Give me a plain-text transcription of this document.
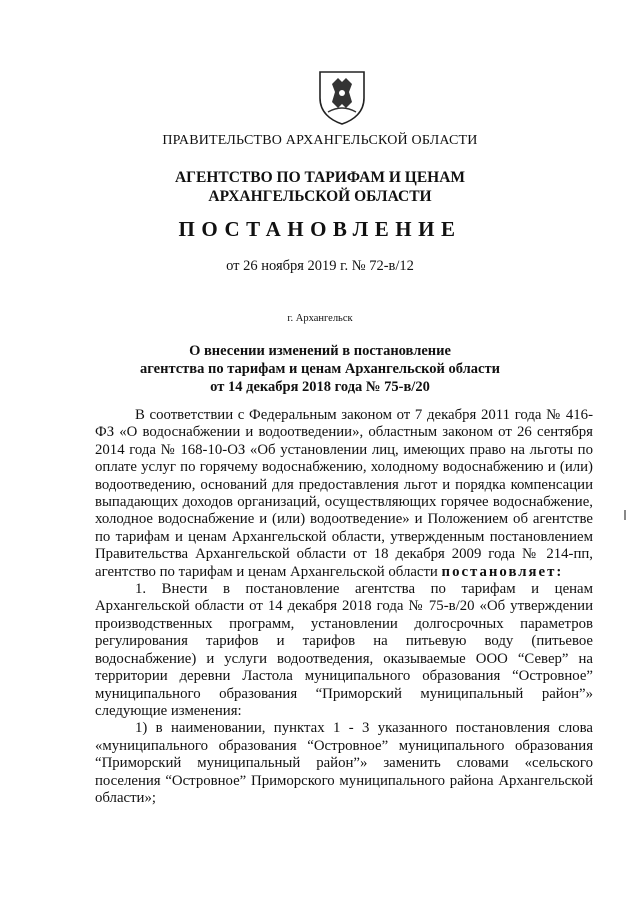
ПРАВИТЕЛЬСТВО АРХАНГЕЛЬСКОЙ ОБЛАСТИ
АГЕНТСТВО ПО ТАРИФАМ И ЦЕНАМ
АРХАНГЕЛЬСКОЙ ОБЛАСТИ
ПОСТАНОВЛЕНИЕ
от 26 ноября 2019 г. № 72-в/12
г. Архангельск
О внесении изменений в постановление
агентства по тарифам и ценам Архангельской области
от 14 декабря 2018 года № 75-в/20

В соответствии с Федеральным законом от 7 декабря 2011 года № 416-ФЗ «О водоснабжении и водоотведении», областным законом от 26 сентября 2014 года № 168-10-ОЗ «Об установлении лиц, имеющих право на льготы по оплате услуг по горячему водоснабжению, холодному водоснабжению и (или) водоотведению, оснований для предоставления льгот и порядка компенсации выпадающих доходов организаций, осуществляющих горячее водоснабжение, холодное водоснабжение и (или) водоотведение» и Положением об агентстве по тарифам и ценам Архангельской области, утвержденным постановлением Правительства Архангельской области от 18 декабря 2009 года № 214-пп, агентство по тарифам и ценам Архангельской области постановляет:

1. Внести в постановление агентства по тарифам и ценам Архангельской области от 14 декабря 2018 года № 75-в/20 «Об утверждении производственных программ, установлении долгосрочных параметров регулирования тарифов и тарифов на питьевую воду (питьевое водоснабжение) и услуги водоотведения, оказываемые ООО “Север” на территории деревни Ластола муниципального образования “Островное” муниципального образования “Приморский муниципальный район”» следующие изменения:

1) в наименовании, пунктах 1 - 3 указанного постановления слова «муниципального образования “Островное” муниципального образования “Приморский муниципальный район”» заменить словами «сельского поселения “Островное” Приморского муниципального района Архангельской области»;
